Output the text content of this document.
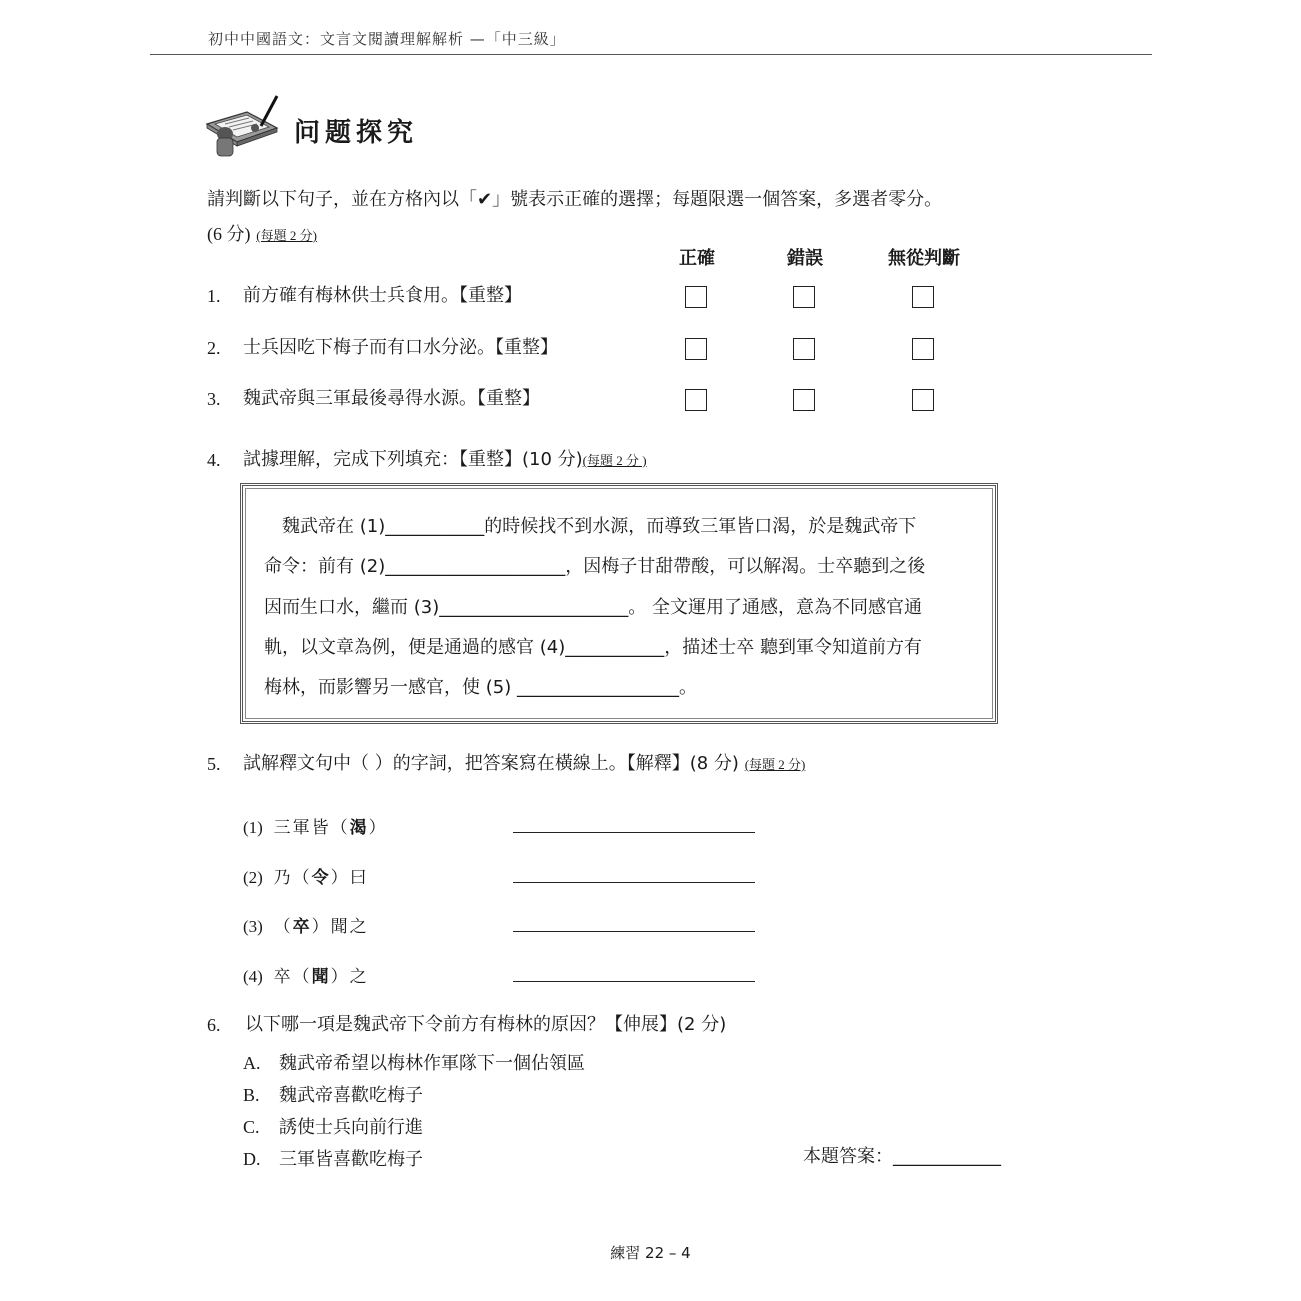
初中中國語文：文言文閱讀理解解析 —「中三級」
问题探究
請判斷以下句子，並在方格內以「✔」號表示正確的選擇；每題限選一個答案，多選者零分。
(6 分) (每題 2 分)
正確	錯誤	無從判斷
1. 前方確有梅林供士兵食用。【重整】
2. 士兵因吃下梅子而有口水分泌。【重整】
3. 魏武帝與三軍最後尋得水源。【重整】
4. 試據理解，完成下列填充：【重整】(10 分)(每題 2 分 )
　魏武帝在 (1)___________的時候找不到水源，而導致三軍皆口渴，於是魏武帝下
命令：前有 (2)____________________，因梅子甘甜帶酸，可以解渴。士卒聽到之後
因而生口水，繼而 (3)_____________________。 全文運用了通感，意為不同感官通
軌，以文章為例，便是通過的感官 (4)___________，描述士卒 聽到軍令知道前方有
梅林，而影響另一感官，使 (5) __________________。
5. 試解釋文句中（ ）的字詞，把答案寫在橫線上。【解釋】(8 分) (每題 2 分)
(1) 三軍皆（渴）
(2) 乃（令）曰
(3) （卒）聞之
(4) 卒（聞）之
6. 以下哪一項是魏武帝下令前方有梅林的原因？【伸展】(2 分)
A. 魏武帝希望以梅林作軍隊下一個佔領區
B. 魏武帝喜歡吃梅子
C. 誘使士兵向前行進
D. 三軍皆喜歡吃梅子	本題答案：____________
練習 22 – 4
